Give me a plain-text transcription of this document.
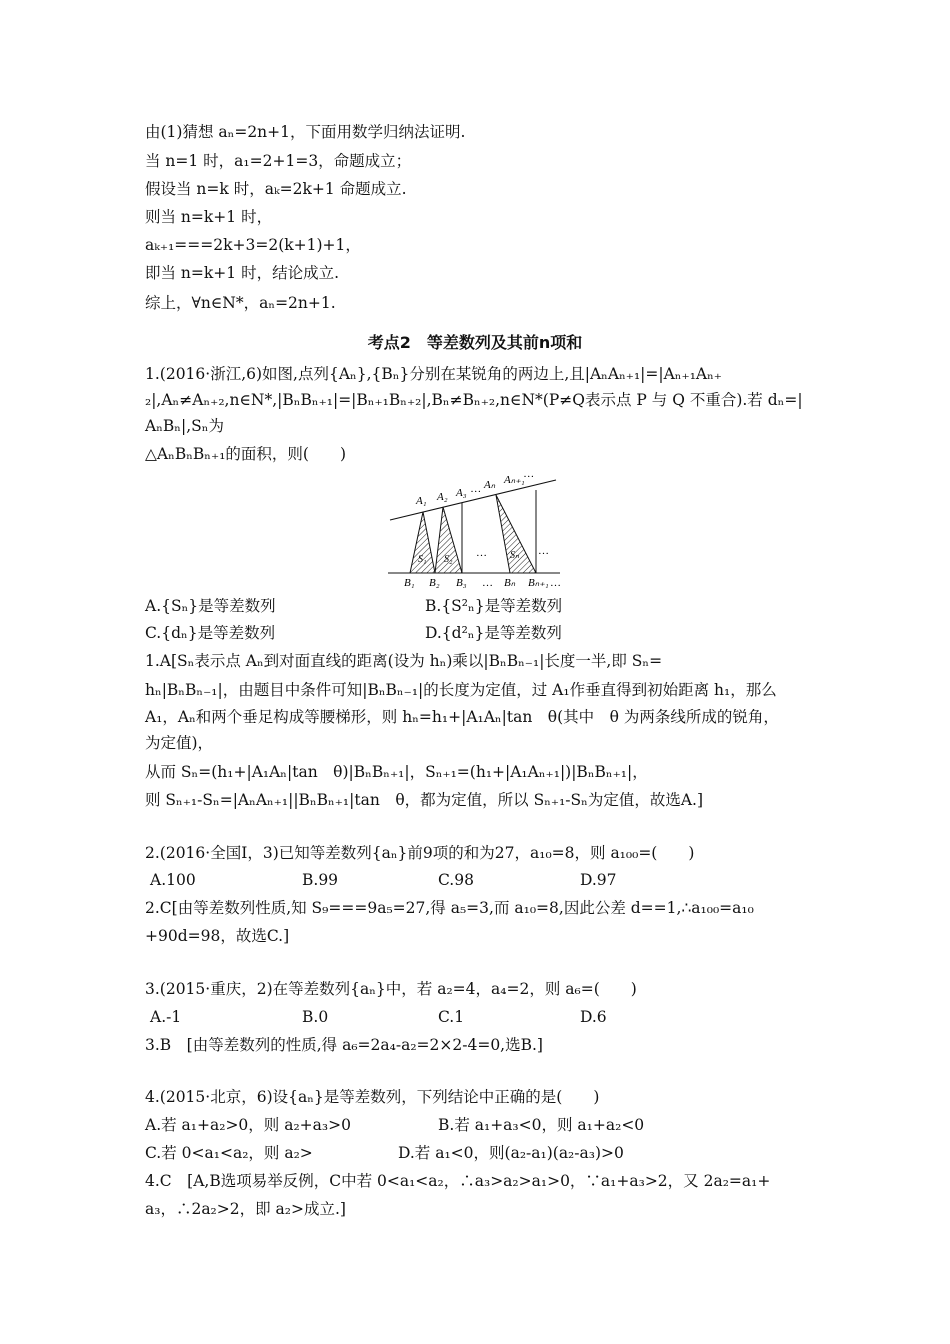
由(1)猜想 aₙ=2n+1，下面用数学归纳法证明.
当 n=1 时，a₁=2+1=3，命题成立；
假设当 n=k 时，aₖ=2k+1 命题成立.
则当 n=k+1 时，
aₖ₊₁===2k+3=2(k+1)+1，
即当 n=k+1 时，结论成立.
综上，∀n∈N*，aₙ=2n+1.
考点2　等差数列及其前n项和
1.(2016·浙江,6)如图,点列{Aₙ},{Bₙ}分别在某锐角的两边上,且|AₙAₙ₊₁|=|Aₙ₊₁Aₙ₊
₂|,Aₙ≠Aₙ₊₂,n∈N*,|BₙBₙ₊₁|=|Bₙ₊₁Bₙ₊₂|,Bₙ≠Bₙ₊₂,n∈N*(P≠Q表示点 P 与 Q 不重合).若 dₙ=|
AₙBₙ|,Sₙ为
△AₙBₙBₙ₊₁的面积，则(　　)
A₁ A₂ A₃ … Aₙ Aₙ₊₁ …
S₁ S₂	Sₙ
…	…
B₁ B₂ B₃ … Bₙ Bₙ₊₁ …
A.{Sₙ}是等差数列	B.{S²ₙ}是等差数列
C.{dₙ}是等差数列	D.{d²ₙ}是等差数列
1.A[Sₙ表示点 Aₙ到对面直线的距离(设为 hₙ)乘以|BₙBₙ₋₁|长度一半,即 Sₙ=
hₙ|BₙBₙ₋₁|，由题目中条件可知|BₙBₙ₋₁|的长度为定值，过 A₁作垂直得到初始距离 h₁，那么
A₁，Aₙ和两个垂足构成等腰梯形，则 hₙ=h₁+|A₁Aₙ|tan　θ(其中　θ 为两条线所成的锐角，
为定值)，
从而 Sₙ=(h₁+|A₁Aₙ|tan　θ)|BₙBₙ₊₁|，Sₙ₊₁=(h₁+|A₁Aₙ₊₁|)|BₙBₙ₊₁|，
则 Sₙ₊₁-Sₙ=|AₙAₙ₊₁||BₙBₙ₊₁|tan　θ，都为定值，所以 Sₙ₊₁-Sₙ为定值，故选A.]
2.(2016·全国Ⅰ，3)已知等差数列{aₙ}前9项的和为27，a₁₀=8，则 a₁₀₀=(　　)
A.100	B.99	C.98	D.97
2.C[由等差数列性质,知 S₉===9a₅=27,得 a₅=3,而 a₁₀=8,因此公差 d==1,∴a₁₀₀=a₁₀
+90d=98，故选C.]
3.(2015·重庆，2)在等差数列{aₙ}中，若 a₂=4，a₄=2，则 a₆=(　　)
A.-1	B.0	C.1	D.6
3.B　[由等差数列的性质,得 a₆=2a₄-a₂=2×2-4=0,选B.]
4.(2015·北京，6)设{aₙ}是等差数列，下列结论中正确的是(　　)
A.若 a₁+a₂>0，则 a₂+a₃>0	B.若 a₁+a₃<0，则 a₁+a₂<0
C.若 0<a₁<a₂，则 a₂>	D.若 a₁<0，则(a₂-a₁)(a₂-a₃)>0
4.C　[A,B选项易举反例，C中若 0<a₁<a₂，∴a₃>a₂>a₁>0，∵a₁+a₃>2，又 2a₂=a₁+
a₃，∴2a₂>2，即 a₂>成立.]
